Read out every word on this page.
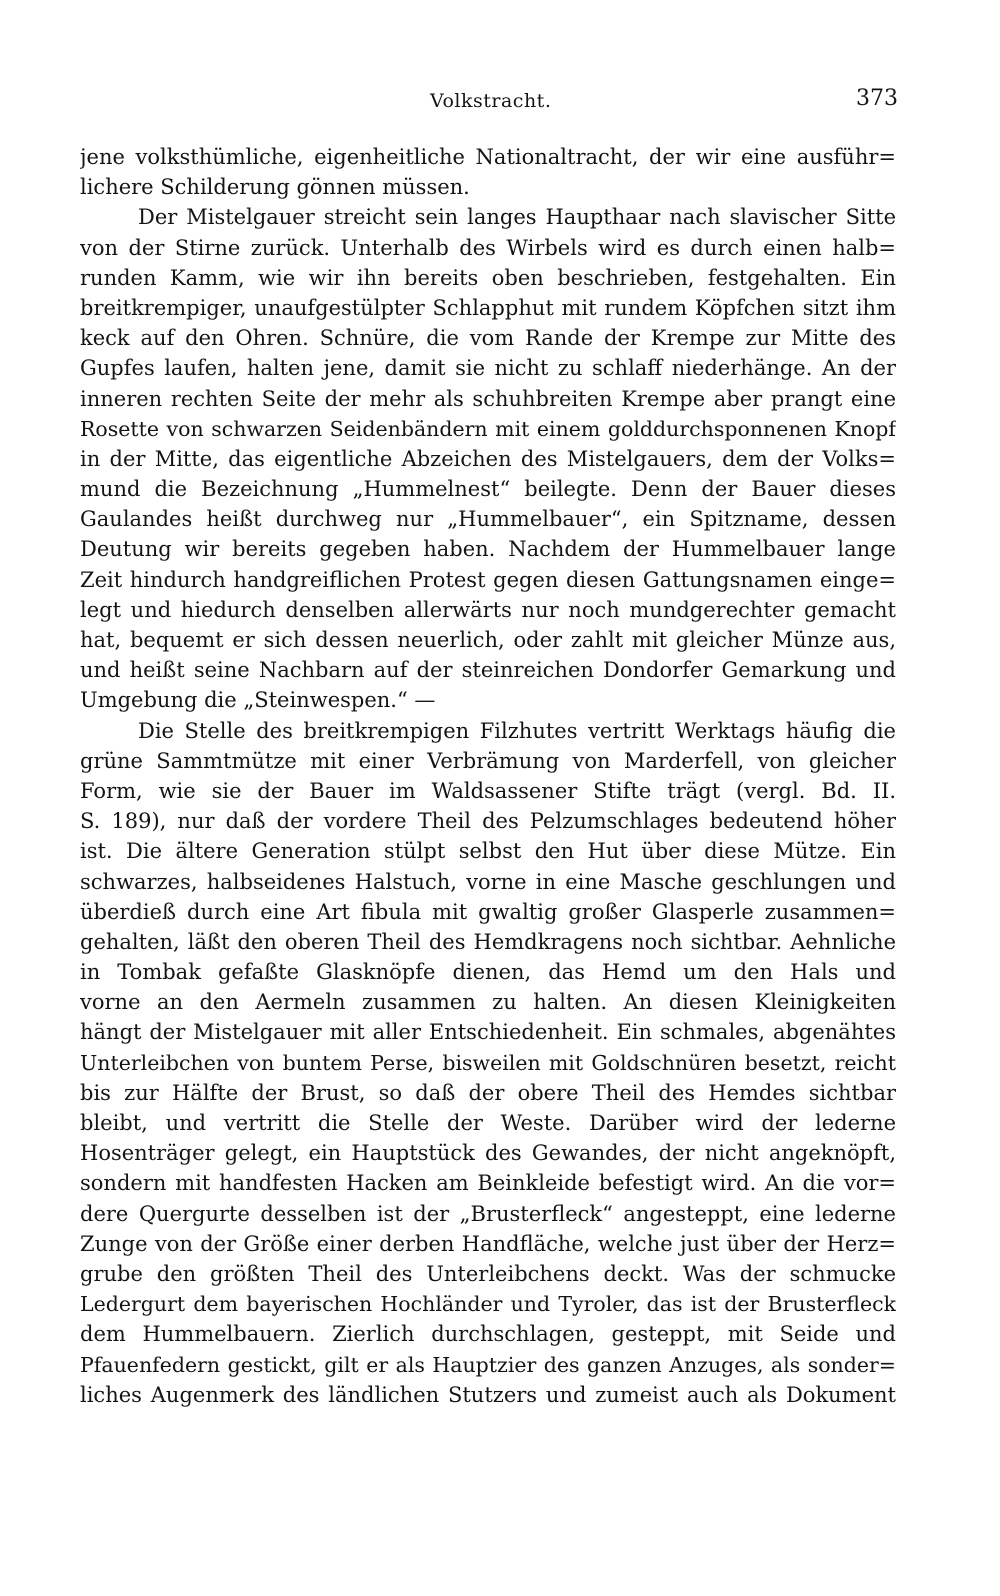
Volkstracht.	373
jene volksthümliche, eigenheitliche Nationaltracht, der wir eine ausführ=
lichere Schilderung gönnen müssen.
Der Mistelgauer streicht sein langes Haupthaar nach slavischer Sitte
von der Stirne zurück. Unterhalb des Wirbels wird es durch einen halb=
runden Kamm, wie wir ihn bereits oben beschrieben, festgehalten. Ein
breitkrempiger, unaufgestülpter Schlapphut mit rundem Köpfchen sitzt ihm
keck auf den Ohren. Schnüre, die vom Rande der Krempe zur Mitte des
Gupfes laufen, halten jene, damit sie nicht zu schlaff niederhänge. An der
inneren rechten Seite der mehr als schuhbreiten Krempe aber prangt eine
Rosette von schwarzen Seidenbändern mit einem golddurchsponnenen Knopf
in der Mitte, das eigentliche Abzeichen des Mistelgauers, dem der Volks=
mund die Bezeichnung „Hummelnest“ beilegte. Denn der Bauer dieses
Gaulandes heißt durchweg nur „Hummelbauer“, ein Spitzname, dessen
Deutung wir bereits gegeben haben. Nachdem der Hummelbauer lange
Zeit hindurch handgreiflichen Protest gegen diesen Gattungsnamen einge=
legt und hiedurch denselben allerwärts nur noch mundgerechter gemacht
hat, bequemt er sich dessen neuerlich, oder zahlt mit gleicher Münze aus,
und heißt seine Nachbarn auf der steinreichen Dondorfer Gemarkung und
Umgebung die „Steinwespen.“ —
Die Stelle des breitkrempigen Filzhutes vertritt Werktags häufig die
grüne Sammtmütze mit einer Verbrämung von Marderfell, von gleicher
Form, wie sie der Bauer im Waldsassener Stifte trägt (vergl. Bd. II.
S. 189), nur daß der vordere Theil des Pelzumschlages bedeutend höher
ist. Die ältere Generation stülpt selbst den Hut über diese Mütze. Ein
schwarzes, halbseidenes Halstuch, vorne in eine Masche geschlungen und
überdieß durch eine Art fibula mit gwaltig großer Glasperle zusammen=
gehalten, läßt den oberen Theil des Hemdkragens noch sichtbar. Aehnliche
in Tombak gefaßte Glasknöpfe dienen, das Hemd um den Hals und
vorne an den Aermeln zusammen zu halten. An diesen Kleinigkeiten
hängt der Mistelgauer mit aller Entschiedenheit. Ein schmales, abgenähtes
Unterleibchen von buntem Perse, bisweilen mit Goldschnüren besetzt, reicht
bis zur Hälfte der Brust, so daß der obere Theil des Hemdes sichtbar
bleibt, und vertritt die Stelle der Weste. Darüber wird der lederne
Hosenträger gelegt, ein Hauptstück des Gewandes, der nicht angeknöpft,
sondern mit handfesten Hacken am Beinkleide befestigt wird. An die vor=
dere Quergurte desselben ist der „Brusterfleck“ angesteppt, eine lederne
Zunge von der Größe einer derben Handfläche, welche just über der Herz=
grube den größten Theil des Unterleibchens deckt. Was der schmucke
Ledergurt dem bayerischen Hochländer und Tyroler, das ist der Brusterfleck
dem Hummelbauern. Zierlich durchschlagen, gesteppt, mit Seide und
Pfauenfedern gestickt, gilt er als Hauptzier des ganzen Anzuges, als sonder=
liches Augenmerk des ländlichen Stutzers und zumeist auch als Dokument
